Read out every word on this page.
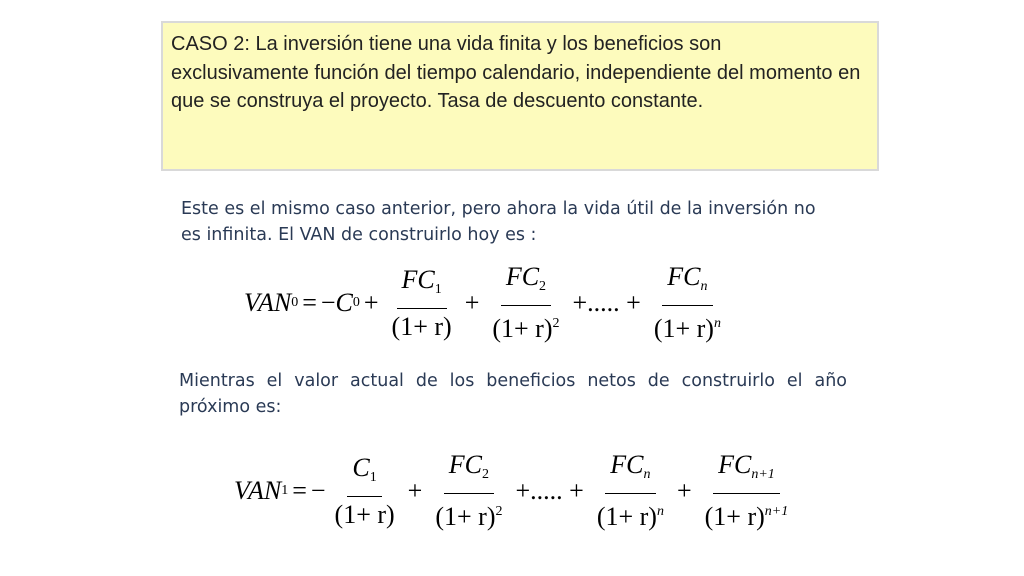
CASO 2: La inversión tiene una vida finita y los beneficios son exclusivamente función del tiempo calendario, independiente del momento en que se construya el proyecto. Tasa de descuento constante.
Este es el mismo caso anterior, pero ahora la vida útil de la inversión no es infinita. El VAN de construirlo hoy es :
VAN 0 = − C $0 + \frac{FC_1}{(1+ r)} + \frac{FC_2}{(1+ r)^2}$ +..... + $\frac{FC_n}{(1+ r)^n}$
Mientras el valor actual de los beneficios netos de construirlo el año próximo es:
VAN 1 = − $\frac{C_1}{(1+ r)} + \frac{FC_2}{(1+ r)^2}$ +..... + $\frac{FC_n}{(1+ r)^n} + \frac{FC_{n+1}}{(1+ r)^{n+1}}$
